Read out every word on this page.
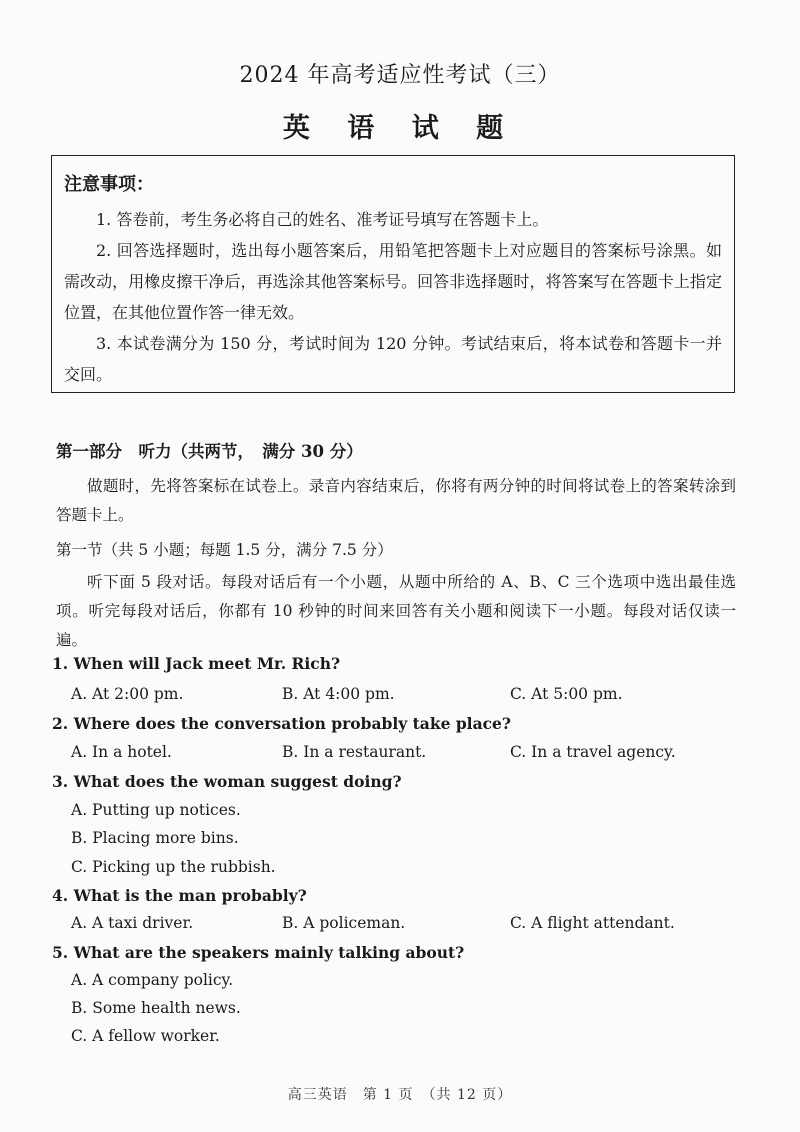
2024 年高考适应性考试（三）
英 语 试 题
注意事项：

1. 答卷前，考生务必将自己的姓名、准考证号填写在答题卡上。

2. 回答选择题时，选出每小题答案后，用铅笔把答题卡上对应题目的答案标号涂黑。如需改动，用橡皮擦干净后，再选涂其他答案标号。回答非选择题时，将答案写在答题卡上指定位置，在其他位置作答一律无效。

3. 本试卷满分为 150 分，考试时间为 120 分钟。考试结束后，将本试卷和答题卡一并交回。

第一部分　听力（共两节，　满分 30 分）
做题时，先将答案标在试卷上。录音内容结束后，你将有两分钟的时间将试卷上的答案转涂到答题卡上。
第一节（共 5 小题；每题 1.5 分，满分 7.5 分）
听下面 5 段对话。每段对话后有一个小题，从题中所给的 A、B、C 三个选项中选出最佳选项。听完每段对话后，你都有 10 秒钟的时间来回答有关小题和阅读下一小题。每段对话仅读一遍。
1. When will Jack meet Mr. Rich?
A. At 2:00 pm.	B. At 4:00 pm.	C. At 5:00 pm.
2. Where does the conversation probably take place?
A. In a hotel.	B. In a restaurant.	C. In a travel agency.
3. What does the woman suggest doing?
A. Putting up notices.
B. Placing more bins.
C. Picking up the rubbish.
4. What is the man probably?
A. A taxi driver.	B. A policeman.	C. A flight attendant.
5. What are the speakers mainly talking about?
A. A company policy.
B. Some health news.
C. A fellow worker.
高三英语　第 1 页　（共 12 页）
